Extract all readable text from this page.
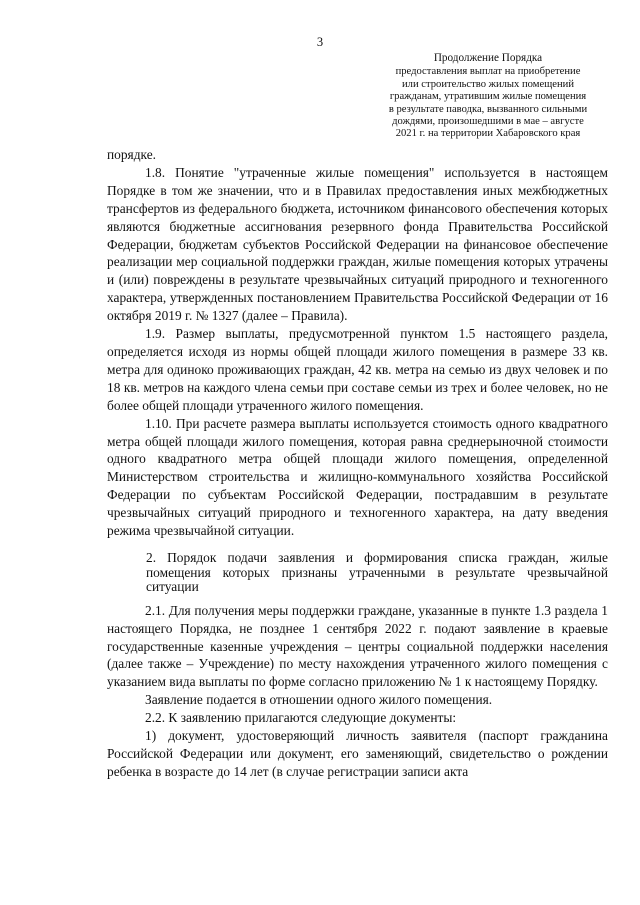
3
Продолжение Порядка
предоставления выплат на приобретение
или строительство жилых помещений
гражданам, утратившим жилые помещения
в результате паводка, вызванного сильными
дождями, произошедшими в мае – августе
2021 г. на территории Хабаровского края

порядке.

1.8. Понятие "утраченные жилые помещения" используется в настоящем Порядке в том же значении, что и в Правилах предоставления иных межбюджетных трансфертов из федерального бюджета, источником финансового обеспечения которых являются бюджетные ассигнования резервного фонда Правительства Российской Федерации, бюджетам субъектов Российской Федерации на финансовое обеспечение реализации мер социальной поддержки граждан, жилые помещения которых утрачены и (или) повреждены в результате чрезвычайных ситуаций природного и техногенного характера, утвержденных постановлением Правительства Российской Федерации от 16 октября 2019 г. № 1327 (далее – Правила).

1.9. Размер выплаты, предусмотренной пунктом 1.5 настоящего раздела, определяется исходя из нормы общей площади жилого помещения в размере 33 кв. метра для одиноко проживающих граждан, 42 кв. метра на семью из двух человек и по 18 кв. метров на каждого члена семьи при составе семьи из трех и более человек, но не более общей площади утраченного жилого помещения.

1.10. При расчете размера выплаты используется стоимость одного квадратного метра общей площади жилого помещения, которая равна среднерыночной стоимости одного квадратного метра общей площади жилого помещения, определенной Министерством строительства и жилищно-коммунального хозяйства Российской Федерации по субъектам Российской Федерации, пострадавшим в результате чрезвычайных ситуаций природного и техногенного характера, на дату введения режима чрезвычайной ситуации.

2. Порядок подачи заявления и формирования списка граждан, жилые помещения которых признаны утраченными в результате чрезвычайной ситуации

2.1. Для получения меры поддержки граждане, указанные в пункте 1.3 раздела 1 настоящего Порядка, не позднее 1 сентября 2022 г. подают заявление в краевые государственные казенные учреждения – центры социальной поддержки населения (далее также – Учреждение) по месту нахождения утраченного жилого помещения с указанием вида выплаты по форме согласно приложению № 1 к настоящему Порядку.

Заявление подается в отношении одного жилого помещения.

2.2. К заявлению прилагаются следующие документы:

1) документ, удостоверяющий личность заявителя (паспорт гражданина Российской Федерации или документ, его заменяющий, свидетельство о рождении ребенка в возрасте до 14 лет (в случае регистрации записи акта
